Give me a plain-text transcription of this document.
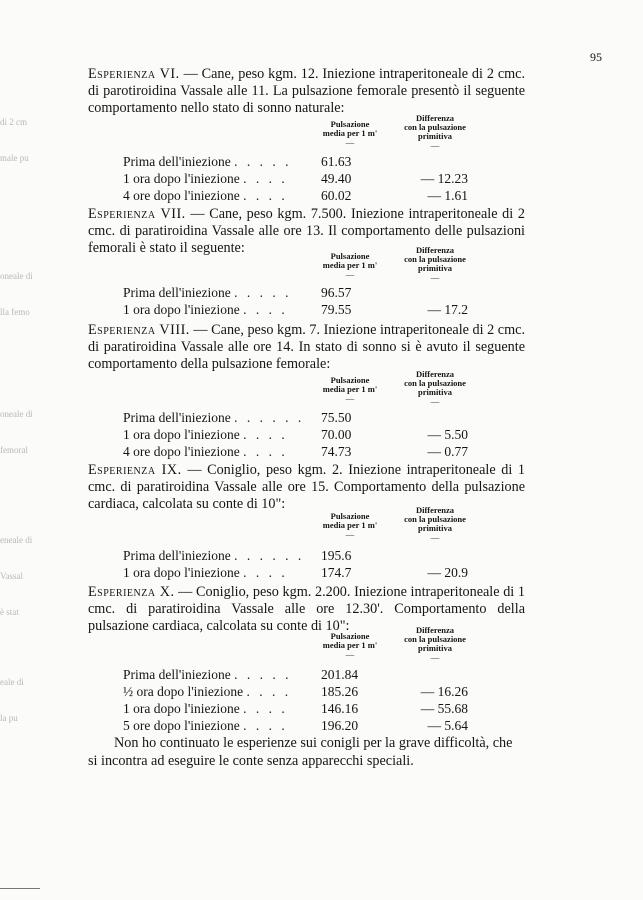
95

di 2 cm

male pu

oneale di

lla femo

oneale di

femoral

eneale di

Vassal

è stat

eale di

la pu

Esperienza VI. — Cane, peso kgm. 12. Iniezione intraperitoneale di 2 cmc. di parotiroidina Vassale alle 11. La pulsazione femorale presentò il seguente comportamento nello stato di sonno naturale:

Esperienza VII. — Cane, peso kgm. 7.500. Iniezione intraperitoneale di 2 cmc. di paratiroidina Vassale alle ore 13. Il comportamento delle pulsazioni femorali è stato il seguente:

Esperienza VIII. — Cane, peso kgm. 7. Iniezione intraperitoneale di 2 cmc. di paratiroidina Vassale alle ore 14. In stato di sonno si è avuto il seguente comportamento della pulsazione femorale:

Esperienza IX. — Coniglio, peso kgm. 2. Iniezione intraperitoneale di 1 cmc. di paratiroidina Vassale alle ore 15. Comportamento della pulsazione cardiaca, calcolata su conte di 10":

Esperienza X. — Coniglio, peso kgm. 2.200. Iniezione intraperitoneale di 1 cmc. di paratiroidina Vassale alle ore 12.30'. Comportamento della pulsazione cardiaca, calcolata su conte di 10":

Non ho continuato le esperienze sui conigli per la grave difficoltà, che si incontra ad eseguire le conte senza apparecchi speciali.
Pulsazione
media per 1 m'
—
Differenza
con la pulsazione
primitiva
—
Prima dell'iniezione . . . . . 61.63
1 ora dopo l'iniezione . . . . 49.40	— 12.23
4 ore dopo l'iniezione . . . . 60.02	— 1.61
Pulsazione
media per 1 m'
—
Differenza
con la pulsazione
primitiva
—
Prima dell'iniezione . . . . . 96.57
1 ora dopo l'iniezione . . . . 79.55	— 17.2
Pulsazione
media per 1 m'
—
Differenza
con la pulsazione
primitiva
—
Prima dell'iniezione . . . . . . 75.50
1 ora dopo l'iniezione . . . . 70.00	— 5.50
4 ore dopo l'iniezione . . . . 74.73	— 0.77
Pulsazione
media per 1 m'
—
Differenza
con la pulsazione
primitiva
—
Prima dell'iniezione . . . . . . 195.6
1 ora dopo l'iniezione . . . . 174.7	— 20.9
Pulsazione
media per 1 m'
—
Differenza
con la pulsazione
primitiva
—
Prima dell'iniezione . . . . . 201.84
½ ora dopo l'iniezione . . . . 185.26	— 16.26
1 ora dopo l'iniezione . . . . 146.16	— 55.68
5 ore dopo l'iniezione . . . . 196.20	— 5.64
